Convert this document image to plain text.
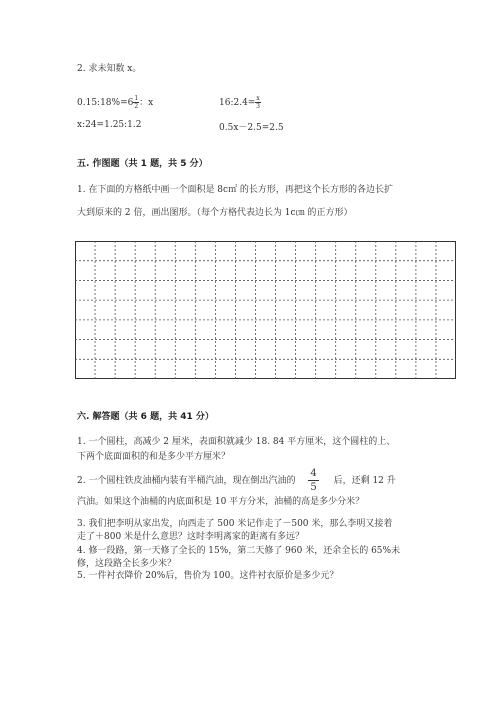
2. 求未知数 x。
0.15:18%=6 $\frac{1}{2}$ ：x	16:2.4= $\frac{x}{3}$
x:24=1.25:1.2	0.5x－2.5=2.5
五. 作图题（共 1 题，共 5 分）
1. 在下面的方格纸中画一个面积是 8c㎡ 的长方形，再把这个长方形的各边长扩
大到原来的 2 倍，画出图形。（每个方格代表边长为 1c㎝ 的正方形）
六. 解答题（共 6 题，共 41 分）
1. 一个圆柱，高减少 2 厘米，表面积就减少 18. 84 平方厘米，这个圆柱的上、
下两个底面面积的和是多少平方厘米？
2. 一个圆柱铁皮油桶内装有半桶汽油，现在倒出汽油的 $\frac{4}{5}$ 后，还剩 12 升
汽油。如果这个油桶的内底面积是 10 平方分米，油桶的高是多少分米？
3. 我们把李明从家出发，向西走了 500 米记作走了－500 米，那么李明又接着
走了＋800 米是什么意思？这时李明离家的距离有多远？
4. 修一段路，第一天修了全长的 15%，第二天修了 960 米，还余全长的 65%未
修，这段路全长多少米？
5. 一件衬衣降价 20%后，售价为 100。这件衬衣原价是多少元？
